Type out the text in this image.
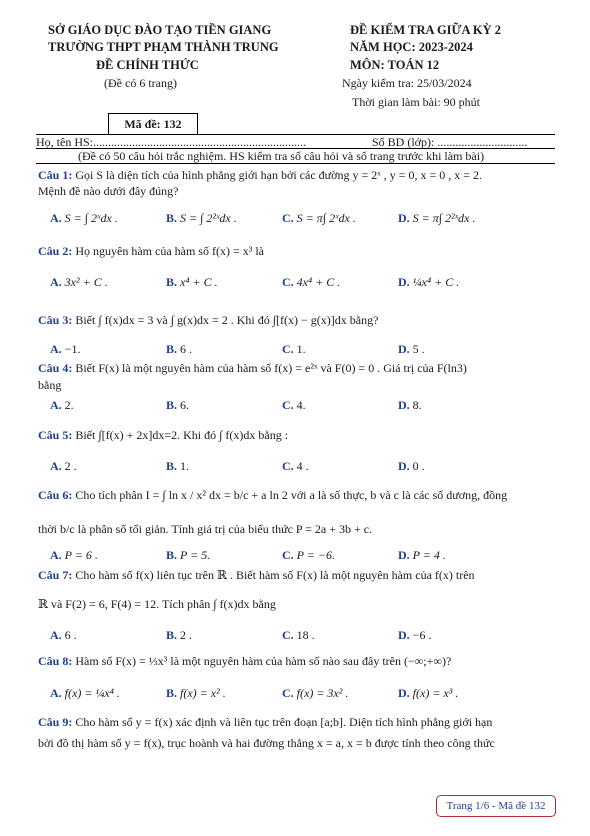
SỞ GIÁO DỤC ĐÀO TẠO TIỀN GIANG
TRƯỜNG THPT PHẠM THÀNH TRUNG
ĐỀ CHÍNH THỨC
(Đề có 6 trang)
ĐỀ KIỂM TRA GIỮA KỲ 2
NĂM HỌC: 2023-2024
MÔN: TOÁN 12
Ngày kiểm tra: 25/03/2024
Thời gian làm bài: 90 phút
Mã đề: 132
Họ, tên HS:.......................................................................	Số BD (lớp): ..............................
(Đề có 50 câu hỏi trắc nghiệm. HS kiểm tra số câu hỏi và số trang trước khi làm bài)
Câu 1: Gọi S là diện tích của hình phẳng giới hạn bởi các đường y = 2ˣ , y = 0, x = 0 , x = 2.
Mệnh đề nào dưới đây đúng?
A. S = ∫ 2ˣdx .	B. S = ∫ 2²ˣdx .	C. S = π∫ 2ˣdx .	D. S = π∫ 2²ˣdx .
Câu 2: Họ nguyên hàm của hàm số f(x) = x³ là
A. 3x² + C .	B. x⁴ + C .	C. 4x⁴ + C .	D. ¼x⁴ + C .
Câu 3: Biết ∫ f(x)dx = 3 và ∫ g(x)dx = 2 . Khi đó ∫[f(x) − g(x)]dx bằng?
A. −1.	B. 6 .	C. 1.	D. 5 .
Câu 4: Biết F(x) là một nguyên hàm của hàm số f(x) = e²ˣ và F(0) = 0 . Giá trị của F(ln3)
bằng
A. 2.	B. 6.	C. 4.	D. 8.
Câu 5: Biết ∫[f(x) + 2x]dx=2. Khi đó ∫ f(x)dx bằng :
A. 2 .	B. 1.	C. 4 .	D. 0 .
Câu 6: Cho tích phân I = ∫ ln x / x² dx = b/c + a ln 2 với a là số thực, b và c là các số dương, đồng
thời b/c là phân số tối giản. Tính giá trị của biểu thức P = 2a + 3b + c.
A. P = 6 .	B. P = 5.	C. P = −6.	D. P = 4 .
Câu 7: Cho hàm số f(x) liên tục trên ℝ . Biết hàm số F(x) là một nguyên hàm của f(x) trên
ℝ và F(2) = 6, F(4) = 12. Tích phân ∫ f(x)dx bằng
A. 6 .	B. 2 .	C. 18 .	D. −6 .
Câu 8: Hàm số F(x) = ⅓x³ là một nguyên hàm của hàm số nào sau đây trên (−∞;+∞)?
A. f(x) = ¼x⁴ .	B. f(x) = x² .	C. f(x) = 3x² .	D. f(x) = x³ .
Câu 9: Cho hàm số y = f(x) xác định và liên tục trên đoạn [a;b]. Diện tích hình phẳng giới hạn
bởi đồ thị hàm số y = f(x), trục hoành và hai đường thẳng x = a, x = b được tính theo công thức
Trang 1/6 - Mã đề 132
